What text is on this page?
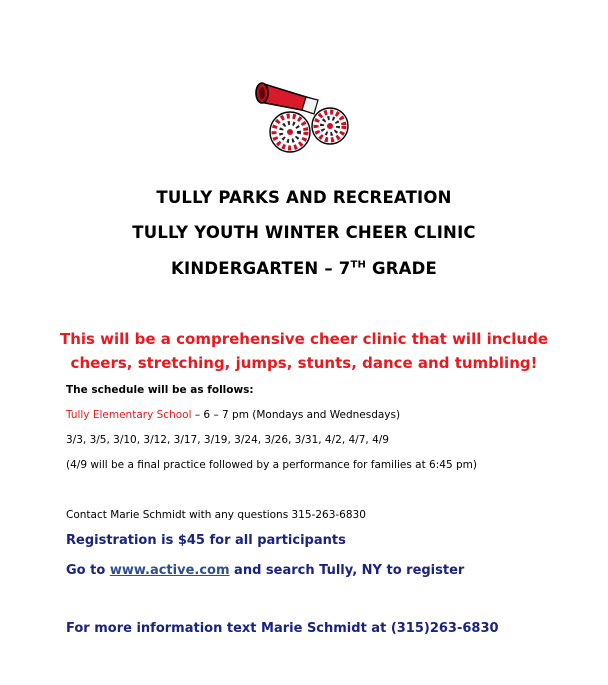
TULLY PARKS AND RECREATION
TULLY YOUTH WINTER CHEER CLINIC
KINDERGARTEN – 7TH GRADE
This will be a comprehensive cheer clinic that will include
cheers, stretching, jumps, stunts, dance and tumbling!
The schedule will be as follows:
Tully Elementary School – 6 – 7 pm (Mondays and Wednesdays)
3/3, 3/5, 3/10, 3/12, 3/17, 3/19, 3/24, 3/26, 3/31, 4/2, 4/7, 4/9
(4/9 will be a final practice followed by a performance for families at 6:45 pm)
Contact Marie Schmidt with any questions 315-263-6830
Registration is $45 for all participants
Go to www.active.com and search Tully, NY to register
For more information text Marie Schmidt at (315)263-6830
